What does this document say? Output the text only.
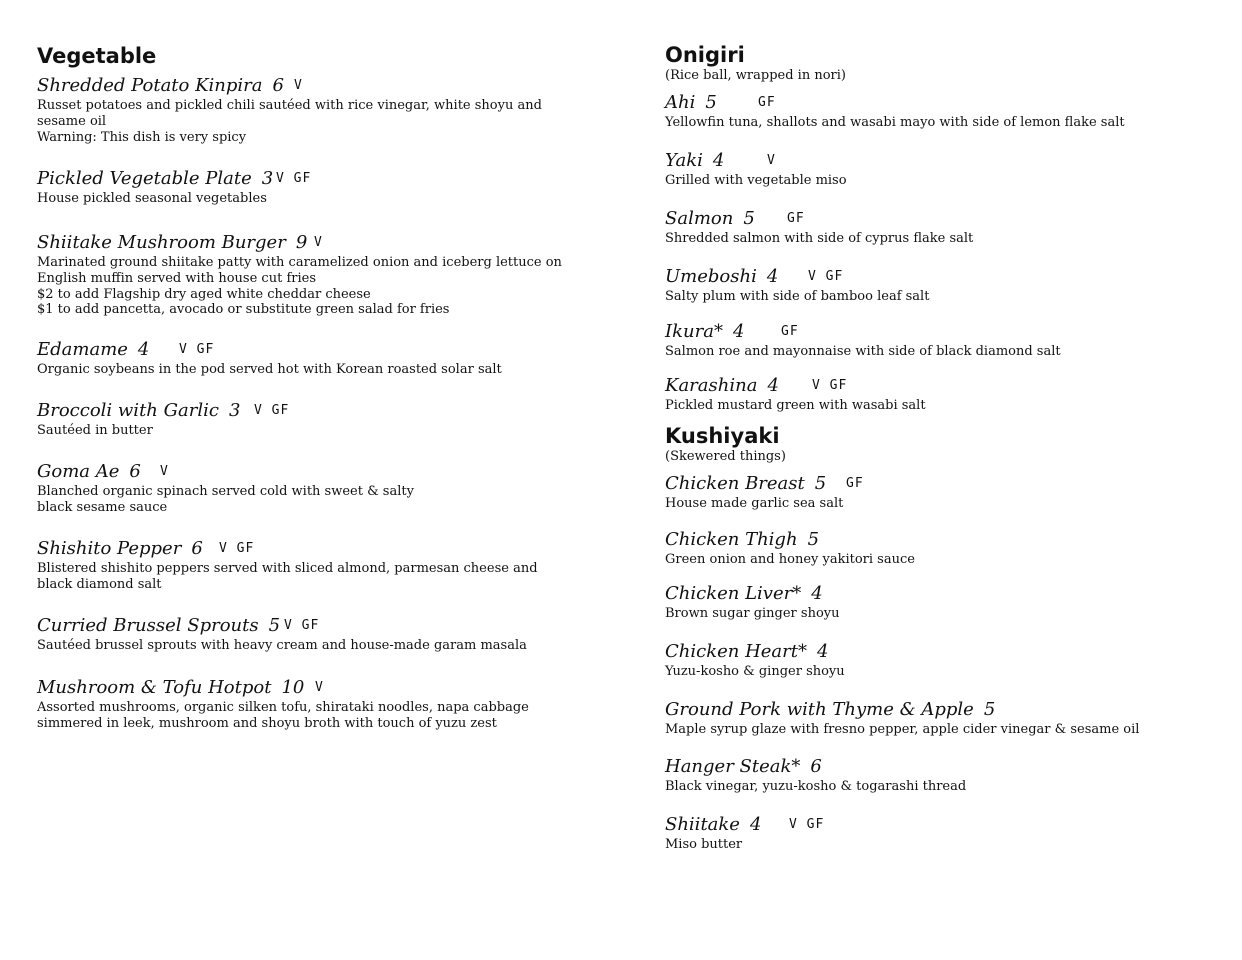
Vegetable
Shredded Potato Kinpira 6 V
Russet potatoes and pickled chili sautéed with rice vinegar, white shoyu and
sesame oil
Warning: This dish is very spicy
Pickled Vegetable Plate 3 V GF
House pickled seasonal vegetables
Shiitake Mushroom Burger 9 V
Marinated ground shiitake patty with caramelized onion and iceberg lettuce on
English muffin served with house cut fries
$2 to add Flagship dry aged white cheddar cheese
$1 to add pancetta, avocado or substitute green salad for fries
Edamame 4 V GF
Organic soybeans in the pod served hot with Korean roasted solar salt
Broccoli with Garlic 3 V GF
Sautéed in butter
Goma Ae 6 V
Blanched organic spinach served cold with sweet & salty
black sesame sauce
Shishito Pepper 6 V GF
Blistered shishito peppers served with sliced almond, parmesan cheese and
black diamond salt
Curried Brussel Sprouts 5 V GF
Sautéed brussel sprouts with heavy cream and house-made garam masala
Mushroom & Tofu Hotpot 10 V
Assorted mushrooms, organic silken tofu, shirataki noodles, napa cabbage
simmered in leek, mushroom and shoyu broth with touch of yuzu zest
Onigiri
(Rice ball, wrapped in nori)
Ahi 5	GF
Yellowfin tuna, shallots and wasabi mayo with side of lemon flake salt
Yaki 4	V
Grilled with vegetable miso
Salmon 5 GF
Shredded salmon with side of cyprus flake salt
Umeboshi 4 V GF
Salty plum with side of bamboo leaf salt
Ikura* 4	GF
Salmon roe and mayonnaise with side of black diamond salt
Karashina 4	V GF
Pickled mustard green with wasabi salt
Kushiyaki
(Skewered things)
Chicken Breast 5 GF
House made garlic sea salt
Chicken Thigh 5
Green onion and honey yakitori sauce
Chicken Liver* 4
Brown sugar ginger shoyu
Chicken Heart* 4
Yuzu-kosho & ginger shoyu
Ground Pork with Thyme & Apple 5
Maple syrup glaze with fresno pepper, apple cider vinegar & sesame oil
Hanger Steak* 6
Black vinegar, yuzu-kosho & togarashi thread
Shiitake 4 V GF
Miso butter
